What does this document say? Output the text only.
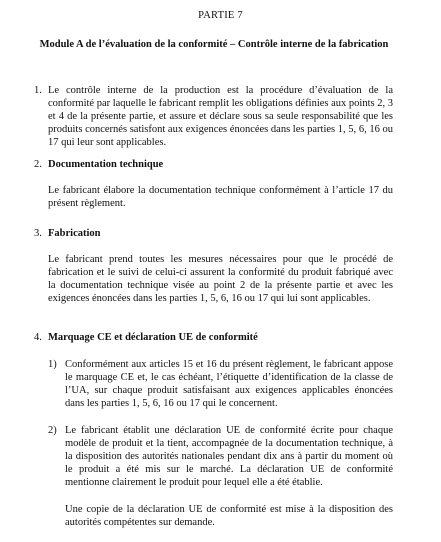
PARTIE 7
Module A de l’évaluation de la conformité – Contrôle interne de la fabrication
1. Le contrôle interne de la production est la procédure d’évaluation de la conformité par laquelle le fabricant remplit les obligations définies aux points 2, 3 et 4 de la présente partie, et assure et déclare sous sa seule responsabilité que les produits concernés satisfont aux exigences énoncées dans les parties 1, 5, 6, 16 ou 17 qui leur sont applicables.
2. Documentation technique
Le fabricant élabore la documentation technique conformément à l’article 17 du présent règlement.
3. Fabrication
Le fabricant prend toutes les mesures nécessaires pour que le procédé de fabrication et le suivi de celui-ci assurent la conformité du produit fabriqué avec la documentation technique visée au point 2 de la présente partie et avec les exigences énoncées dans les parties 1, 5, 6, 16 ou 17 qui lui sont applicables.
4. Marquage CE et déclaration UE de conformité
1) Conformément aux articles 15 et 16 du présent règlement, le fabricant appose le marquage CE et, le cas échéant, l’étiquette d’identification de la classe de l’UA, sur chaque produit satisfaisant aux exigences applicables énoncées dans les parties 1, 5, 6, 16 ou 17 qui le concernent.
2) Le fabricant établit une déclaration UE de conformité écrite pour chaque modèle de produit et la tient, accompagnée de la documentation technique, à la disposition des autorités nationales pendant dix ans à partir du moment où le produit a été mis sur le marché. La déclaration UE de conformité mentionne clairement le produit pour lequel elle a été établie.
Une copie de la déclaration UE de conformité est mise à la disposition des autorités compétentes sur demande.
